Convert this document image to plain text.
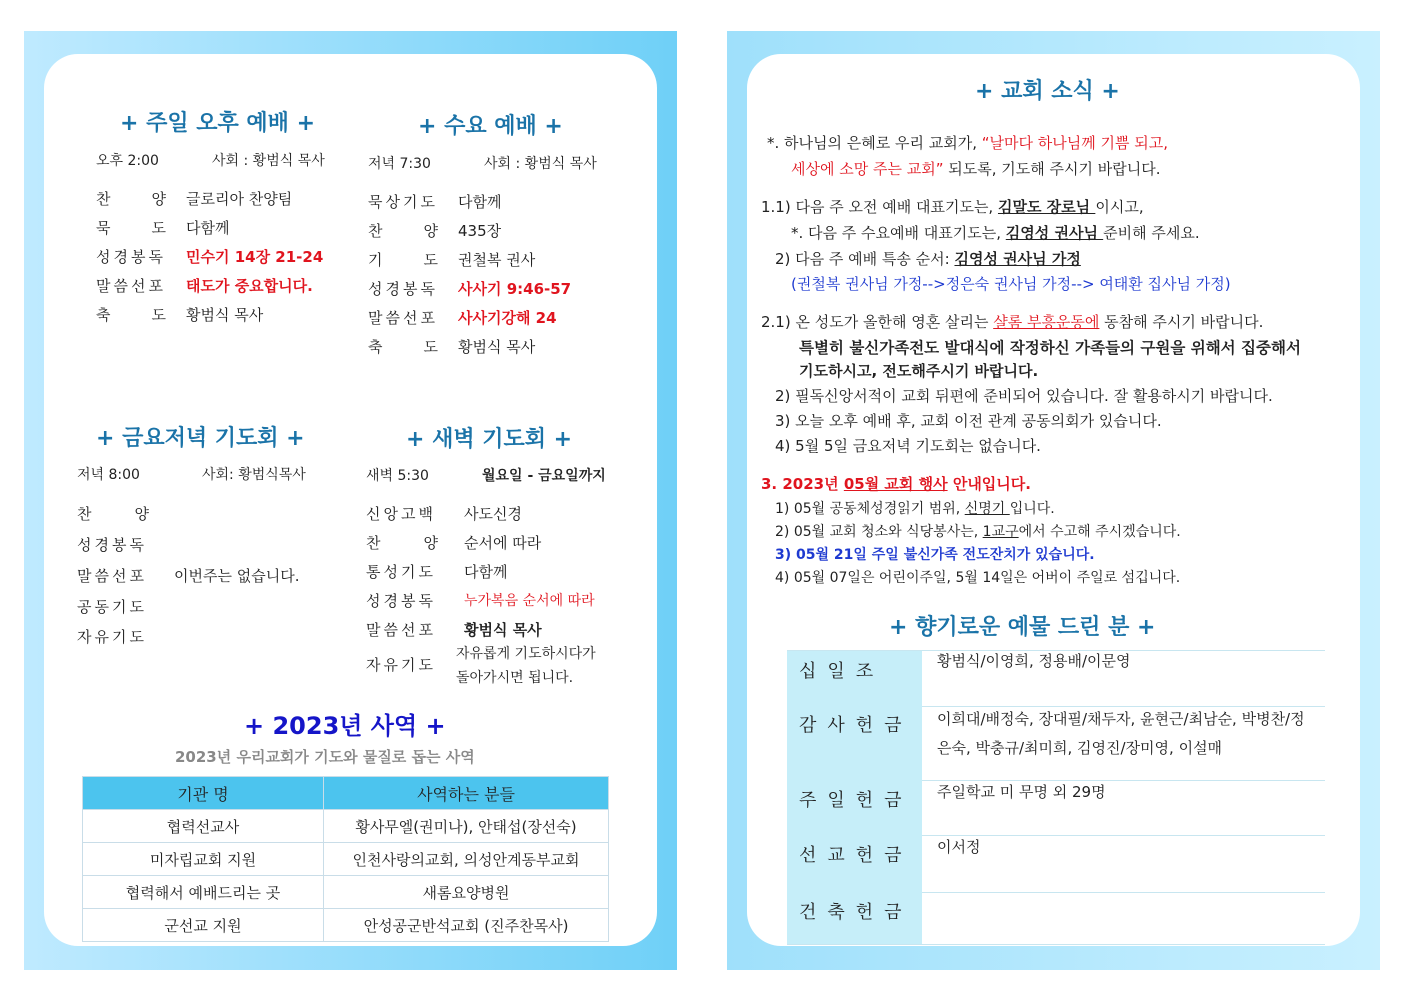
+ 주일 오후 예배 +
오후 2:00	사회 : 황범식 목사
찬	양 글로리아 찬양팀
묵	도 다함께
성경봉독 민수기 14장 21-24
말씀선포 태도가 중요합니다.
축	도 황범식 목사
+ 수요 예배 +
저녁 7:30	사회 : 황범식 목사
묵상기도 다함께
찬	양 435장
기	도 권철복 권사
성경봉독 사사기 9:46-57
말씀선포 사사기강해 24
축	도 황범식 목사
+ 금요저녁 기도회 +
저녁 8:00	사회: 황범식목사
찬	양
성경봉독
말씀선포 이번주는 없습니다.
공동기도
자유기도
+ 새벽 기도회 +
새벽 5:30	월요일 - 금요일까지
신앙고백 사도신경
찬	양 순서에 따라
통성기도 다함께
성경봉독 누가복음 순서에 따라
말씀선포 황범식 목사
자유기도
자유롭게 기도하시다가
돌아가시면 됩니다.
+ 2023년 사역 +
2023년 우리교회가 기도와 물질로 돕는 사역
기관 명	사역하는 분들
협력선교사	황사무엘(권미나), 안태섭(장선숙)
미자립교회 지원	인천사랑의교회, 의성안계동부교회
협력해서 예배드리는 곳	새롬요양병원
군선교 지원	안성공군반석교회 (진주찬목사)
+ 교회 소식 +
*. 하나님의 은혜로 우리 교회가, “날마다 하나님께 기쁨 되고,
세상에 소망 주는 교회” 되도록, 기도해 주시기 바랍니다.
1.1) 다음 주 오전 예배 대표기도는, 김말도 장로님 이시고,
*. 다음 주 수요예배 대표기도는, 김영성 권사님 준비해 주세요.
2) 다음 주 예배 특송 순서: 김영성 권사님 가정
(권철복 권사님 가정-->정은숙 권사님 가정--> 여태환 집사님 가정)
2.1) 온 성도가 올한해 영혼 살리는 샬롬 부흥운동에 동참해 주시기 바랍니다.
특별히 불신가족전도 발대식에 작정하신 가족들의 구원을 위해서 집중해서
기도하시고, 전도해주시기 바랍니다.
2) 필독신앙서적이 교회 뒤편에 준비되어 있습니다. 잘 활용하시기 바랍니다.
3) 오늘 오후 예배 후, 교회 이전 관계 공동의회가 있습니다.
4) 5월 5일 금요저녁 기도회는 없습니다.
3. 2023년 05월 교회 행사 안내입니다.
1) 05월 공동체성경읽기 범위, 신명기 입니다.
2) 05월 교회 청소와 식당봉사는, 1교구에서 수고해 주시겠습니다.
3) 05월 21일 주일 불신가족 전도잔치가 있습니다.
4) 05월 07일은 어린이주일, 5월 14일은 어버이 주일로 섬깁니다.
+ 향기로운 예물 드린 분 +
십일조	황범식/이영희, 정용배/이문영
감사헌금 이희대/배정숙, 장대필/채두자, 윤현근/최남순, 박병찬/정은숙, 박충규/최미희, 김영진/장미영, 이설매
주일헌금 주일학교 미 무명 외 29명
선교헌금 이서정
건축헌금
